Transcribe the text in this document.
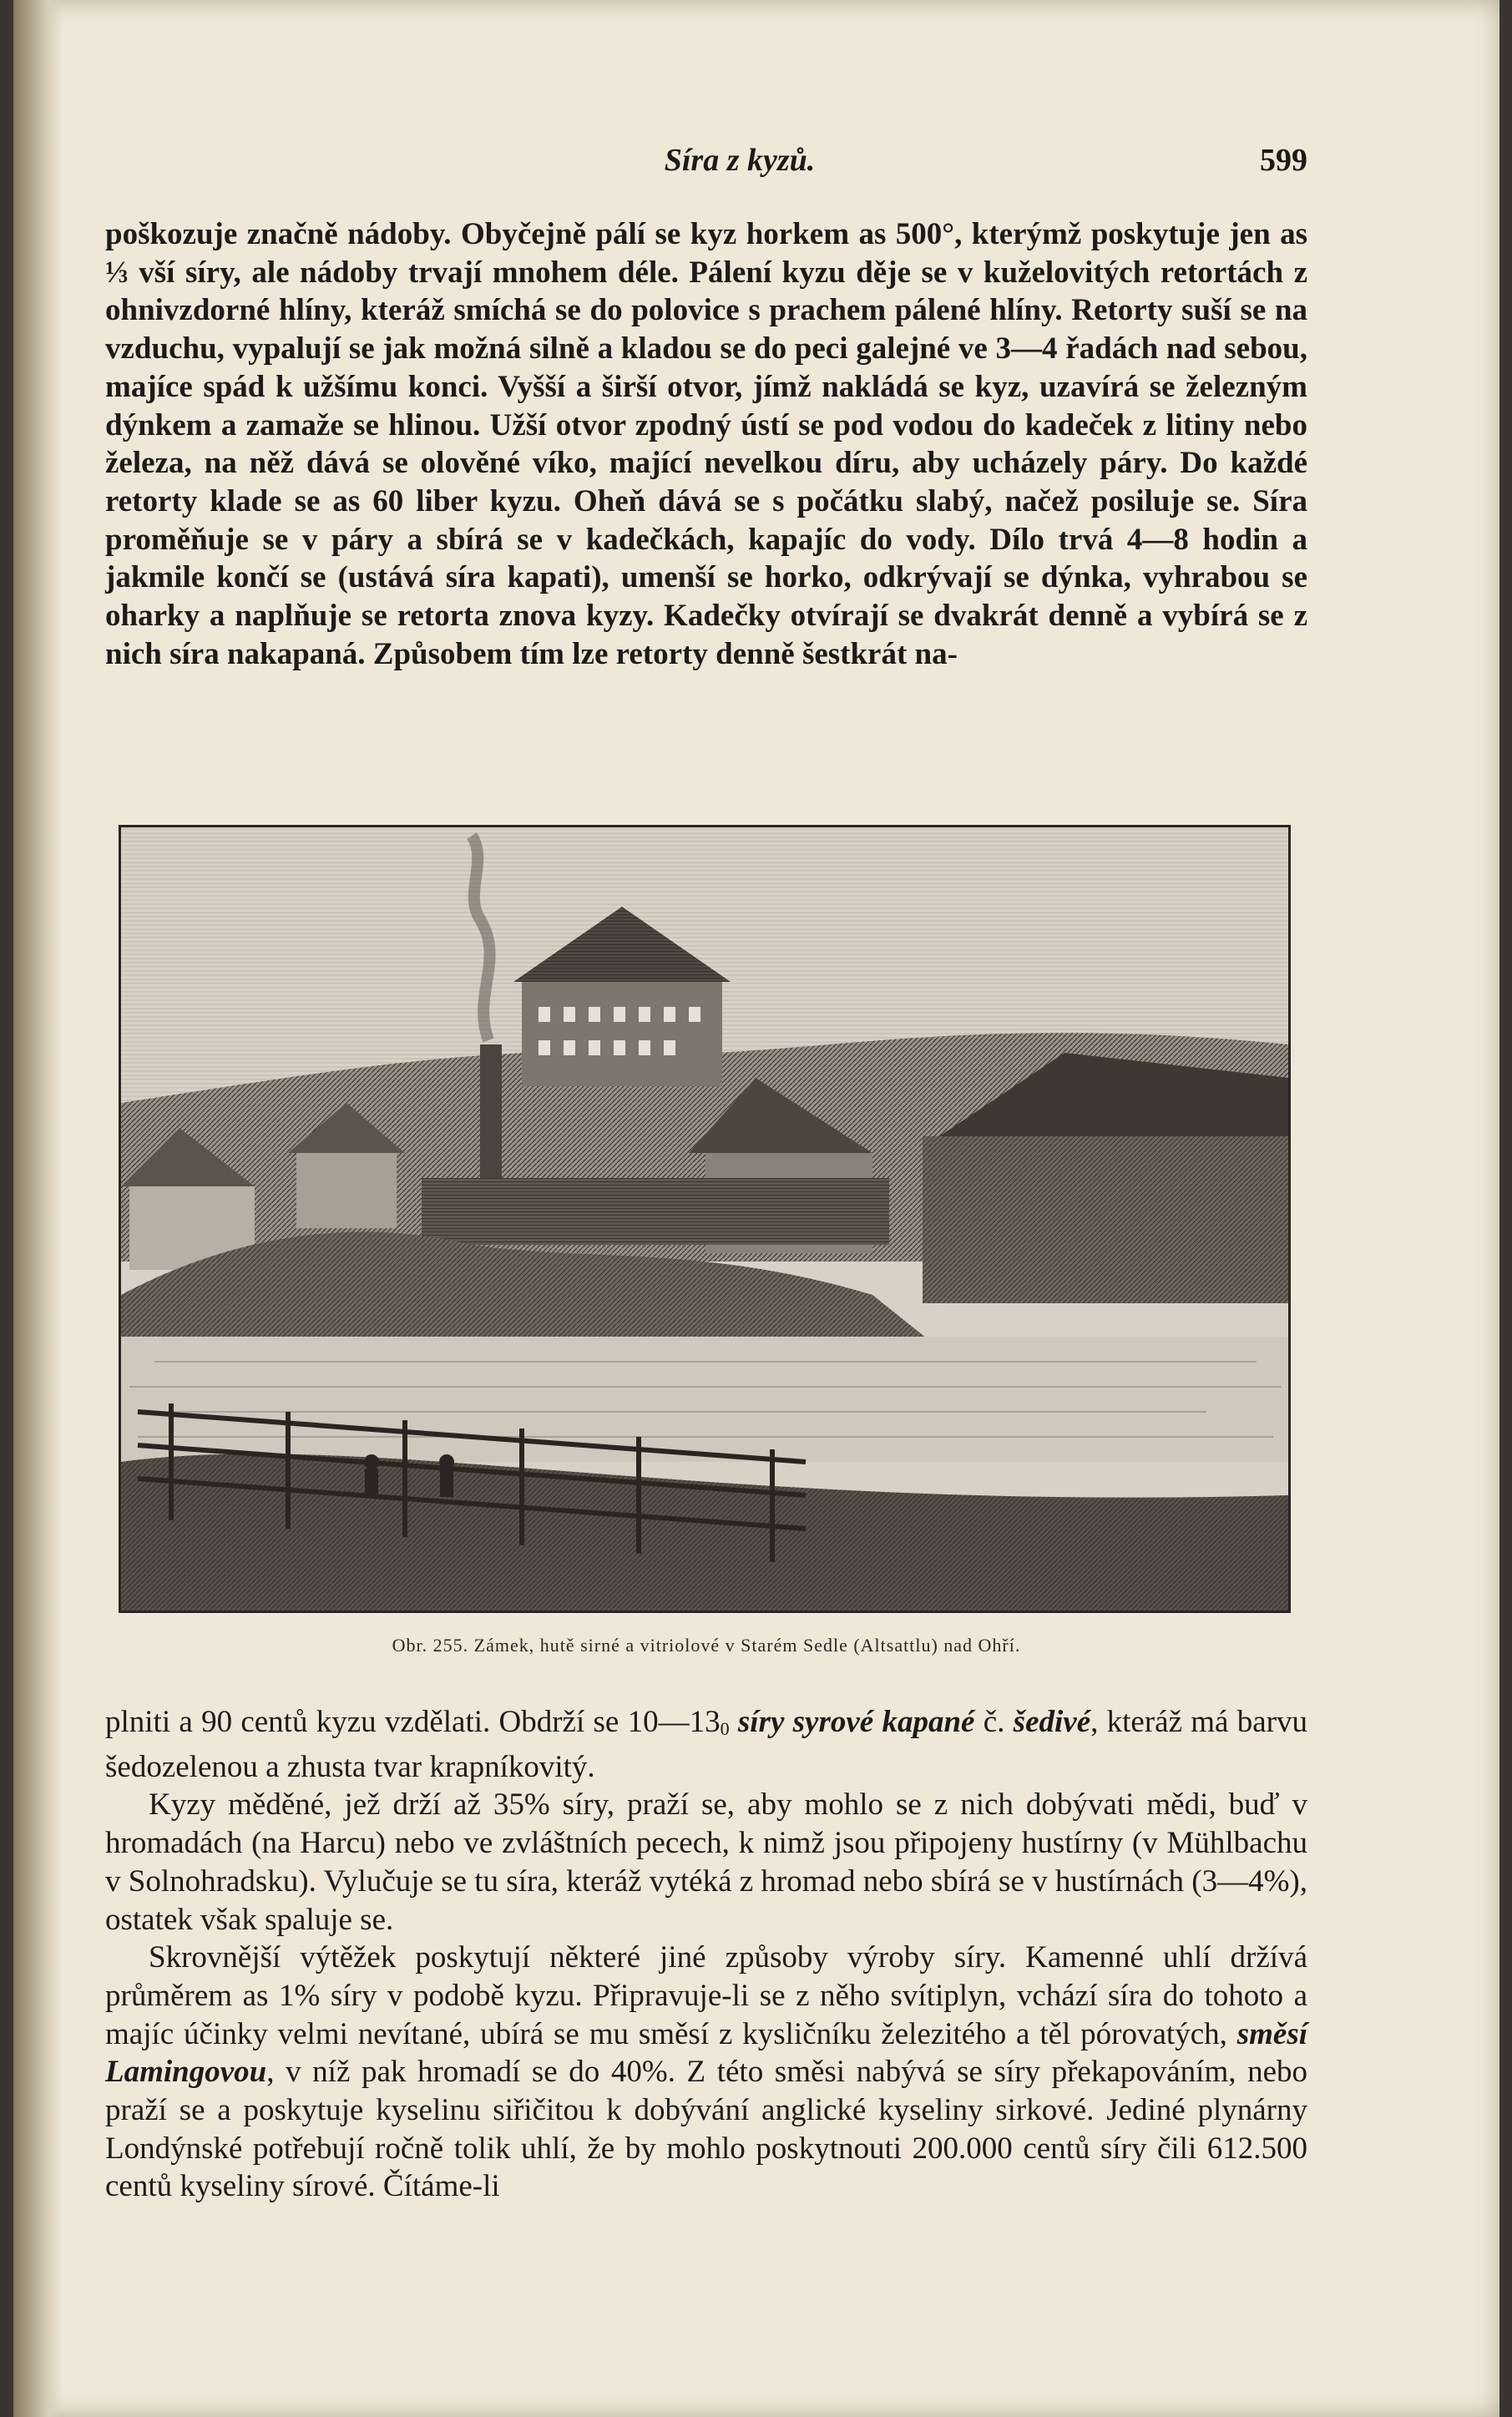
Síra z kyzů.	599

poškozuje značně nádoby. Obyčejně pálí se kyz horkem as 500°, kterýmž poskytuje jen as ⅓ vší síry, ale nádoby trvají mnohem déle. Pálení kyzu děje se v kuželovitých retortách z ohnivzdorné hlíny, kteráž smíchá se do polovice s prachem pálené hlíny. Retorty suší se na vzduchu, vypalují se jak možná silně a kladou se do peci galejné ve 3—4 řadách nad sebou, majíce spád k užšímu konci. Vyšší a širší otvor, jímž nakládá se kyz, uzavírá se železným dýnkem a zamaže se hlinou. Užší otvor zpodný ústí se pod vodou do kadeček z litiny nebo železa, na něž dává se olověné víko, mající nevelkou díru, aby ucházely páry. Do každé retorty klade se as 60 liber kyzu. Oheň dává se s počátku slabý, načež posiluje se. Síra proměňuje se v páry a sbírá se v kadečkách, kapajíc do vody. Dílo trvá 4—8 hodin a jakmile končí se (ustává síra kapati), umenší se horko, odkrývají se dýnka, vyhrabou se oharky a naplňuje se retorta znova kyzy. Kadečky otvírají se dvakrát denně a vybírá se z nich síra nakapaná. Způsobem tím lze retorty denně šestkrát na-

Obr. 255. Zámek, hutě sirné a vitriolové v Starém Sedle (Altsattlu) nad Ohří.

plniti a 90 centů kyzu vzdělati. Obdrží se $10—13_0$ síry syrové kapané č. šedivé, kteráž má barvu šedozelenou a zhusta tvar krapníkovitý.

Kyzy měděné, jež drží až 35% síry, praží se, aby mohlo se z nich dobývati mědi, buď v hromadách (na Harcu) nebo ve zvláštních pecech, k nimž jsou připojeny hustírny (v Mühlbachu v Solnohradsku). Vylučuje se tu síra, kteráž vytéká z hromad nebo sbírá se v hustírnách (3—4%), ostatek však spaluje se.

Skrovnější výtěžek poskytují některé jiné způsoby výroby síry. Kamenné uhlí držívá průměrem as 1% síry v podobě kyzu. Připravuje-li se z něho svítiplyn, vchází síra do tohoto a majíc účinky velmi nevítané, ubírá se mu směsí z kysličníku železitého a těl pórovatých, směsí Lamingovou, v níž pak hromadí se do 40%. Z této směsi nabývá se síry překapováním, nebo praží se a poskytuje kyselinu siřičitou k dobývání anglické kyseliny sirkové. Jediné plynárny Londýnské potřebují ročně tolik uhlí, že by mohlo poskytnouti 200.000 centů síry čili 612.500 centů kyseliny sírové. Čítáme-li
